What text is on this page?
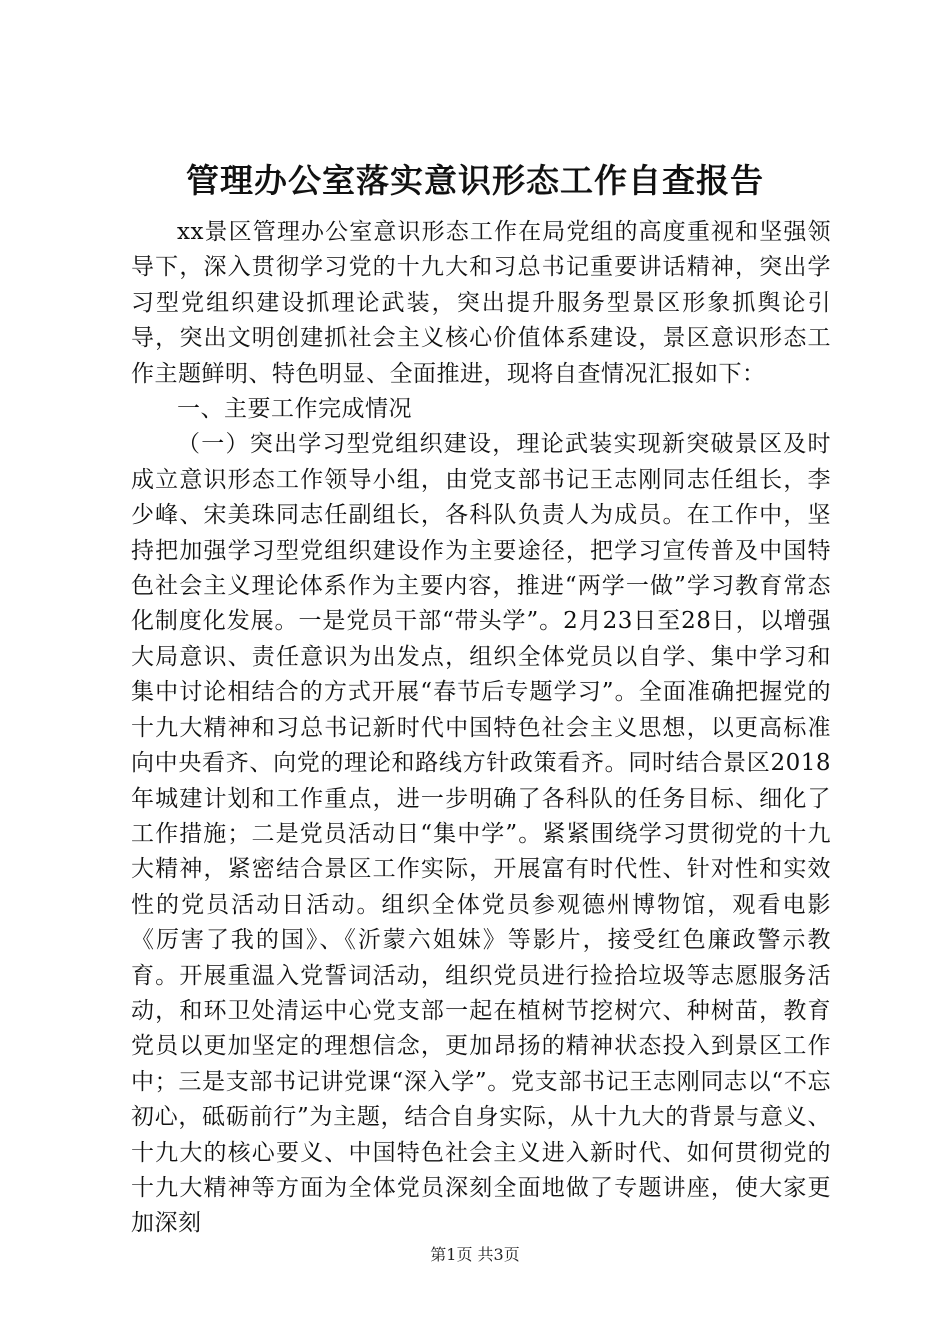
管理办公室落实意识形态工作自查报告

xx景区管理办公室意识形态工作在局党组的高度重视和坚强领导下，深入贯彻学习党的十九大和习总书记重要讲话精神，突出学习型党组织建设抓理论武装，突出提升服务型景区形象抓舆论引导，突出文明创建抓社会主义核心价值体系建设，景区意识形态工作主题鲜明、特色明显、全面推进，现将自查情况汇报如下：

一、主要工作完成情况

（一）突出学习型党组织建设，理论武装实现新突破景区及时成立意识形态工作领导小组，由党支部书记王志刚同志任组长，李少峰、宋美珠同志任副组长，各科队负责人为成员。在工作中，坚持把加强学习型党组织建设作为主要途径，把学习宣传普及中国特色社会主义理论体系作为主要内容，推进“两学一做”学习教育常态化制度化发展。一是党员干部“带头学”。2月23日至28日，以增强大局意识、责任意识为出发点，组织全体党员以自学、集中学习和集中讨论相结合的方式开展“春节后专题学习”。全面准确把握党的十九大精神和习总书记新时代中国特色社会主义思想，以更高标准向中央看齐、向党的理论和路线方针政策看齐。同时结合景区2018年城建计划和工作重点，进一步明确了各科队的任务目标、细化了工作措施；二是党员活动日“集中学”。紧紧围绕学习贯彻党的十九大精神，紧密结合景区工作实际，开展富有时代性、针对性和实效性的党员活动日活动。组织全体党员参观德州博物馆，观看电影《厉害了我的国》、《沂蒙六姐妹》等影片，接受红色廉政警示教育。开展重温入党誓词活动，组织党员进行捡拾垃圾等志愿服务活动，和环卫处清运中心党支部一起在植树节挖树穴、种树苗，教育党员以更加坚定的理想信念，更加昂扬的精神状态投入到景区工作中；三是支部书记讲党课“深入学”。党支部书记王志刚同志以“不忘初心，砥砺前行”为主题，结合自身实际，从十九大的背景与意义、十九大的核心要义、中国特色社会主义进入新时代、如何贯彻党的十九大精神等方面为全体党员深刻全面地做了专题讲座，使大家更加深刻

第1页 共3页
